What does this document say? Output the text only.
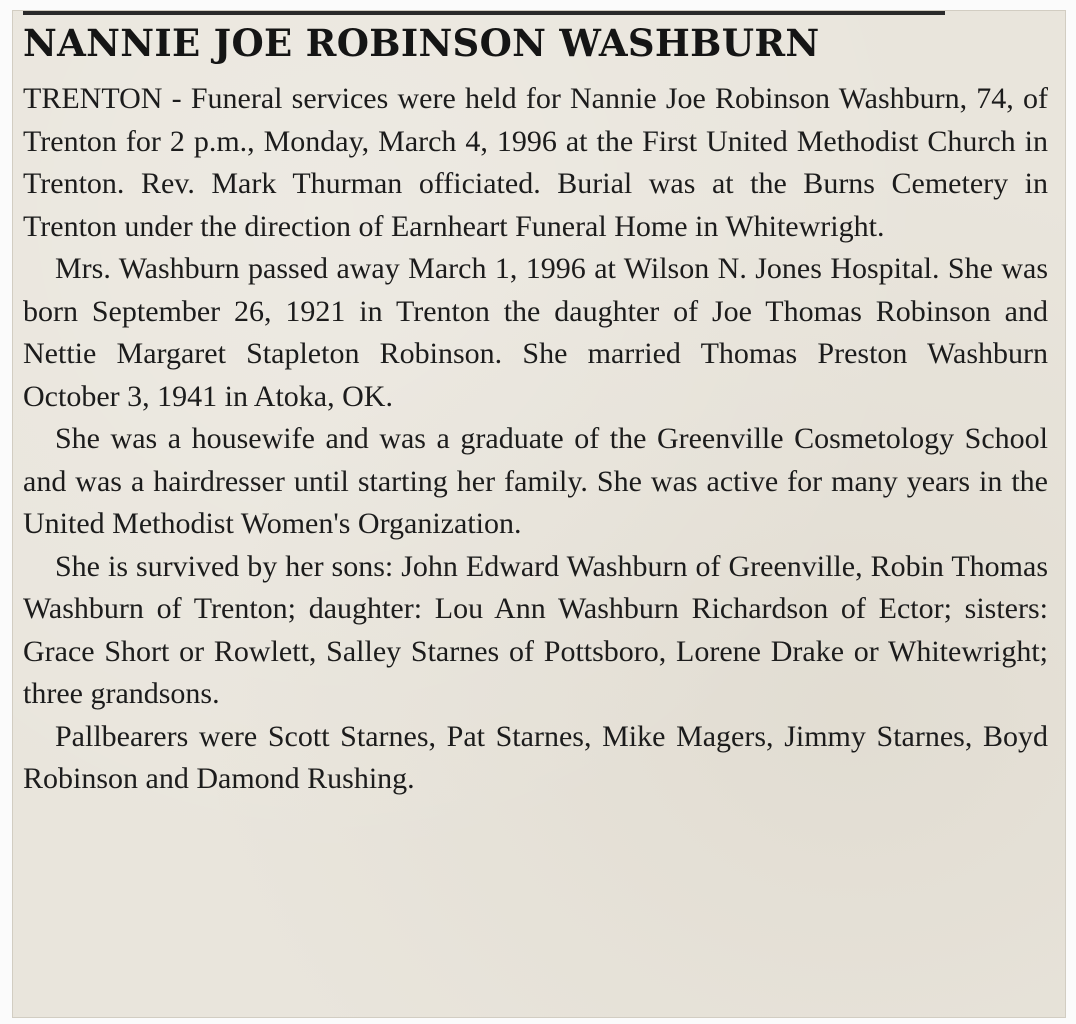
NANNIE JOE ROBINSON WASHBURN

TRENTON - Funeral services were held for Nannie Joe Robinson Washburn, 74, of Trenton for 2 p.m., Monday, March 4, 1996 at the First United Methodist Church in Trenton. Rev. Mark Thurman officiated. Burial was at the Burns Cemetery in Trenton under the direction of Earnheart Funeral Home in Whitewright.

Mrs. Washburn passed away March 1, 1996 at Wilson N. Jones Hospital. She was born September 26, 1921 in Trenton the daughter of Joe Thomas Robinson and Nettie Margaret Stapleton Robinson. She married Thomas Preston Washburn October 3, 1941 in Atoka, OK.

She was a housewife and was a graduate of the Greenville Cosmetology School and was a hairdresser until starting her family. She was active for many years in the United Methodist Women's Organization.

She is survived by her sons: John Edward Washburn of Greenville, Robin Thomas Washburn of Trenton; daughter: Lou Ann Washburn Richardson of Ector; sisters: Grace Short or Rowlett, Salley Starnes of Pottsboro, Lorene Drake or Whitewright; three grandsons.

Pallbearers were Scott Starnes, Pat Starnes, Mike Magers, Jimmy Starnes, Boyd Robinson and Damond Rushing.
